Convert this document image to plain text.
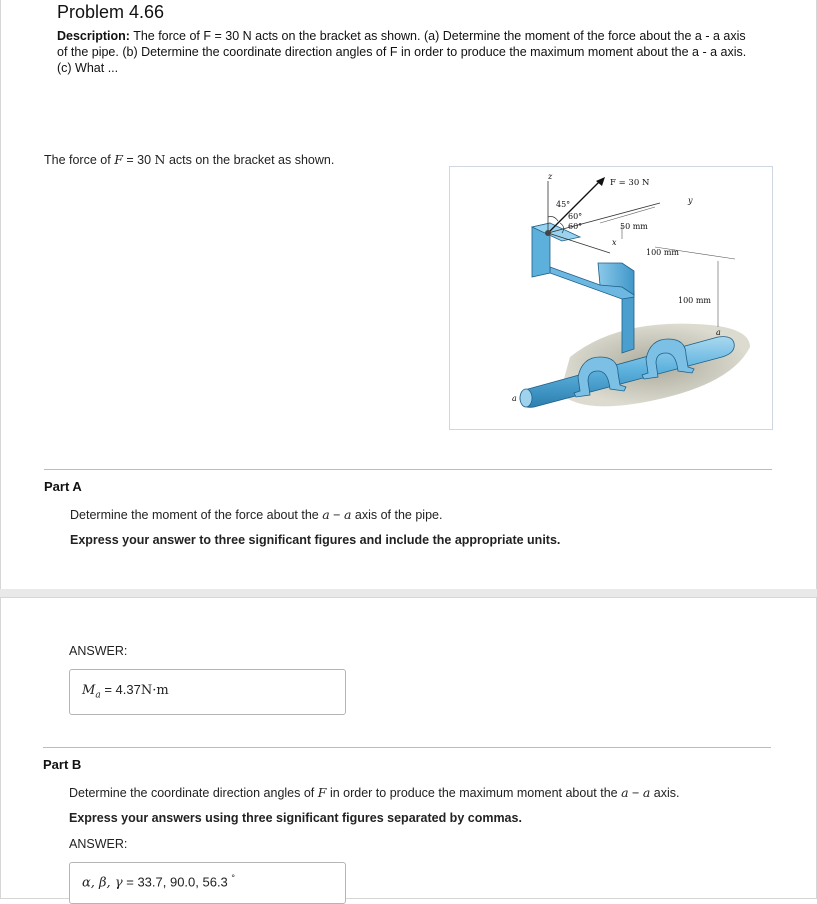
Problem 4.66
Description: The force of F = 30 N acts on the bracket as shown. (a) Determine the moment of the force about the a - a axis of the pipe. (b) Determine the coordinate direction angles of F in order to produce the maximum moment about the a - a axis. (c) What ...
The force of F = 30 N acts on the bracket as shown.
z
F = 30 N
45°
60°
60°
y
50 mm
x
100 mm
100 mm
a
a
Part A
Determine the moment of the force about the a − a axis of the pipe.
Express your answer to three significant figures and include the appropriate units.
ANSWER:
$M_a = 4.37N\cdot m$
Part B
Determine the coordinate direction angles of F in order to produce the maximum moment about the a − a axis.
Express your answers using three significant figures separated by commas.
ANSWER:
α, β, γ = 33.7, 90.0, 56.3 °
